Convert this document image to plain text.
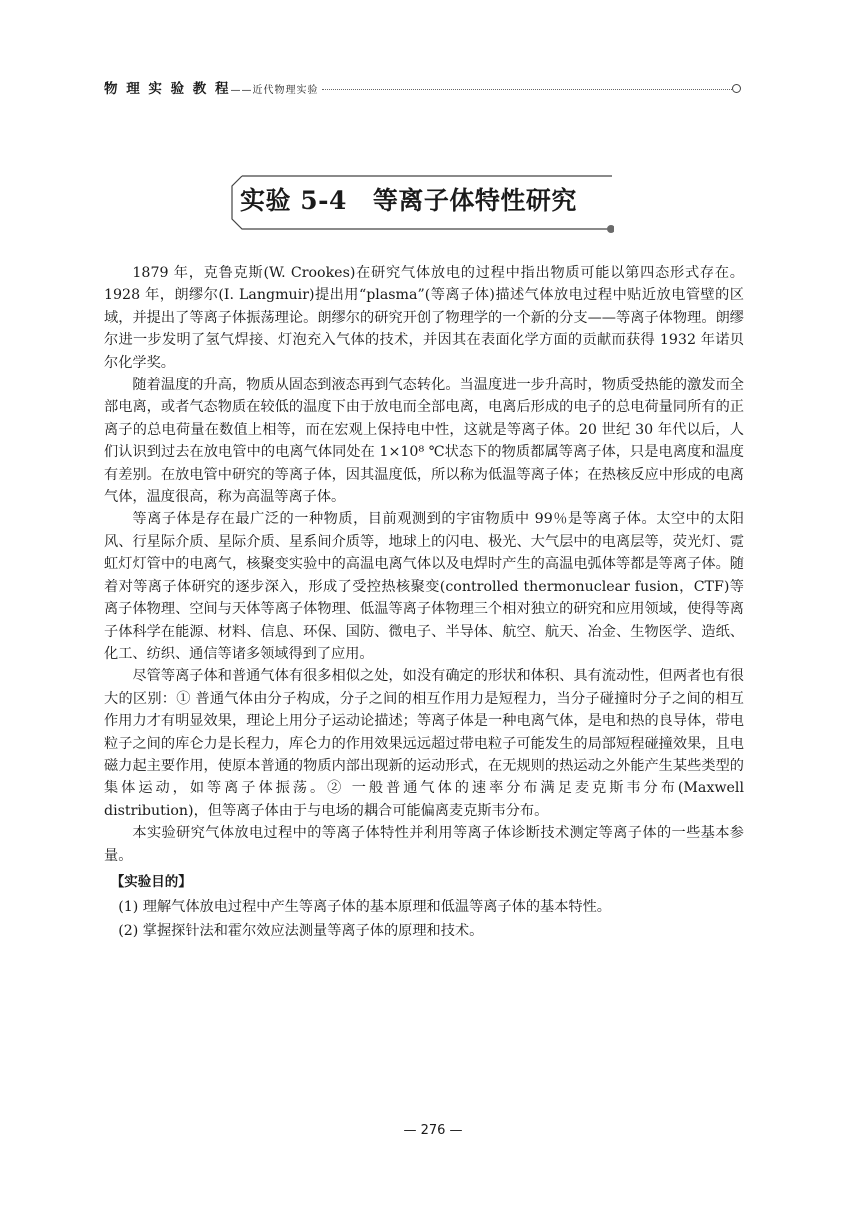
物 理 实 验 教 程——近代物理实验
实验 5-4 等离子体特性研究

1879 年，克鲁克斯(W. Crookes)在研究气体放电的过程中指出物质可能以第四态形式存在。1928 年，朗缪尔(I. Langmuir)提出用“plasma”(等离子体)描述气体放电过程中贴近放电管壁的区域，并提出了等离子体振荡理论。朗缪尔的研究开创了物理学的一个新的分支——等离子体物理。朗缪尔进一步发明了氢气焊接、灯泡充入气体的技术，并因其在表面化学方面的贡献而获得 1932 年诺贝尔化学奖。

随着温度的升高，物质从固态到液态再到气态转化。当温度进一步升高时，物质受热能的激发而全部电离，或者气态物质在较低的温度下由于放电而全部电离，电离后形成的电子的总电荷量同所有的正离子的总电荷量在数值上相等，而在宏观上保持电中性，这就是等离子体。20 世纪 30 年代以后，人们认识到过去在放电管中的电离气体同处在 1×10⁸ ℃状态下的物质都属等离子体，只是电离度和温度有差别。在放电管中研究的等离子体，因其温度低，所以称为低温等离子体；在热核反应中形成的电离气体，温度很高，称为高温等离子体。

等离子体是存在最广泛的一种物质，目前观测到的宇宙物质中 99％是等离子体。太空中的太阳风、行星际介质、星际介质、星系间介质等，地球上的闪电、极光、大气层中的电离层等，荧光灯、霓虹灯灯管中的电离气，核聚变实验中的高温电离气体以及电焊时产生的高温电弧体等都是等离子体。随着对等离子体研究的逐步深入，形成了受控热核聚变(controlled thermonuclear fusion，CTF)等离子体物理、空间与天体等离子体物理、低温等离子体物理三个相对独立的研究和应用领域，使得等离子体科学在能源、材料、信息、环保、国防、微电子、半导体、航空、航天、冶金、生物医学、造纸、化工、纺织、通信等诸多领域得到了应用。

尽管等离子体和普通气体有很多相似之处，如没有确定的形状和体积、具有流动性，但两者也有很大的区别：① 普通气体由分子构成，分子之间的相互作用力是短程力，当分子碰撞时分子之间的相互作用力才有明显效果，理论上用分子运动论描述；等离子体是一种电离气体，是电和热的良导体，带电粒子之间的库仑力是长程力，库仑力的作用效果远远超过带电粒子可能发生的局部短程碰撞效果，且电磁力起主要作用，使原本普通的物质内部出现新的运动形式，在无规则的热运动之外能产生某些类型的集体运动，如等离子体振荡。② 一般普通气体的速率分布满足麦克斯韦分布(Maxwell distribution)，但等离子体由于与电场的耦合可能偏离麦克斯韦分布。

本实验研究气体放电过程中的等离子体特性并利用等离子体诊断技术测定等离子体的一些基本参量。

【实验目的】

(1) 理解气体放电过程中产生等离子体的基本原理和低温等离子体的基本特性。

(2) 掌握探针法和霍尔效应法测量等离子体的原理和技术。

— 276 —
